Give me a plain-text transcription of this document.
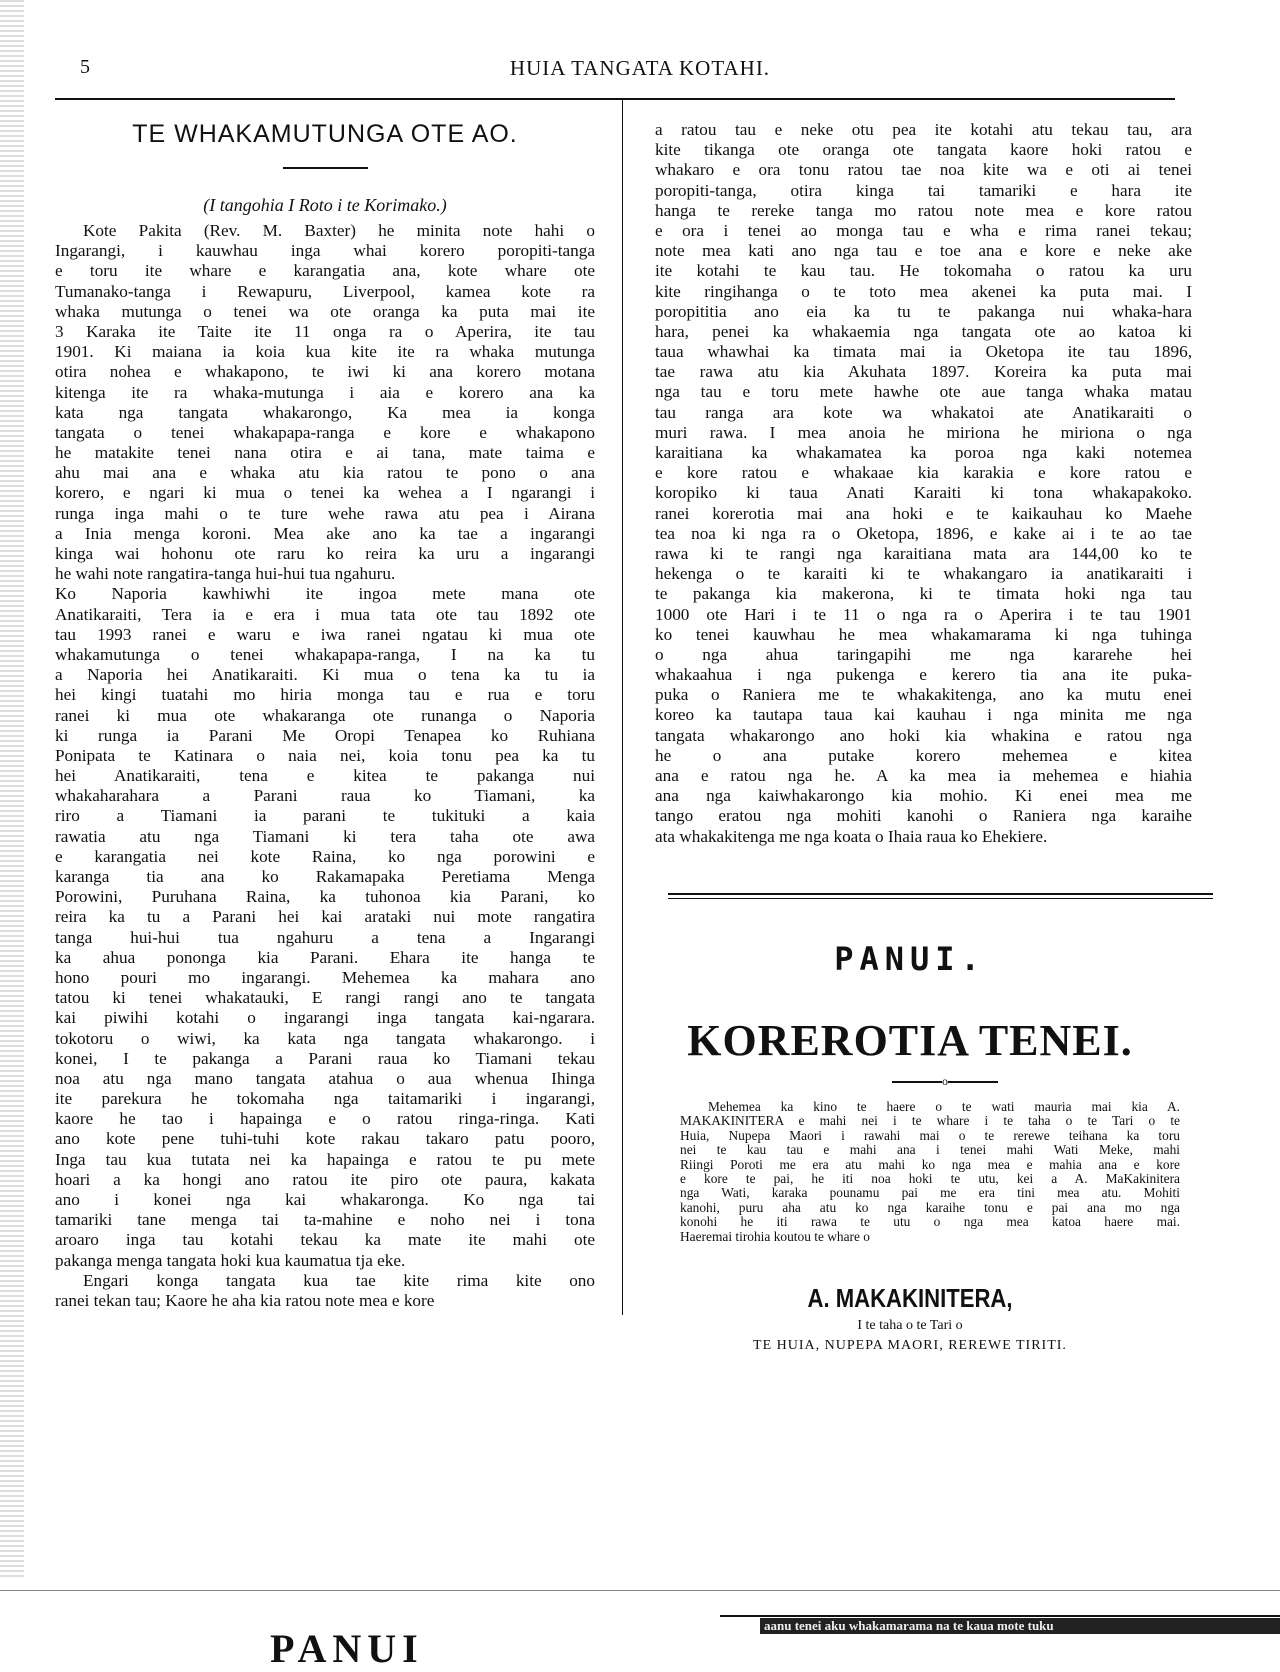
5	HUIA TANGATA KOTAHI.
TE WHAKAMUTUNGA OTE AO.
(I tangohia I Roto i te Korimako.)
Kote Pakita (Rev. M. Baxter) he minita note hahi o
Ingarangi, i kauwhau inga whai korero poropiti-tanga
e toru ite whare e karangatia ana, kote whare ote
Tumanako-tanga i Rewapuru, Liverpool, kamea kote ra
whaka mutunga o tenei wa ote oranga ka puta mai ite
3 Karaka ite Taite ite 11 onga ra o Aperira, ite tau
1901. Ki maiana ia koia kua kite ite ra whaka mutunga
otira nohea e whakapono, te iwi ki ana korero motana
kitenga ite ra whaka-mutunga i aia e korero ana ka
kata nga tangata whakarongo, Ka mea ia konga
tangata o tenei whakapapa-ranga e kore e whakapono
he matakite tenei nana otira e ai tana, mate taima e
ahu mai ana e whaka atu kia ratou te pono o ana
korero, e ngari ki mua o tenei ka wehea a I ngarangi i
runga inga mahi o te ture wehe rawa atu pea i Airana
a Inia menga koroni. Mea ake ano ka tae a ingarangi
kinga wai hohonu ote raru ko reira ka uru a ingarangi
he wahi note rangatira-tanga hui-hui tua ngahuru.
Ko Naporia kawhiwhi ite ingoa mete mana ote
Anatikaraiti, Tera ia e era i mua tata ote tau 1892 ote
tau 1993 ranei e waru e iwa ranei ngatau ki mua ote
whakamutunga o tenei whakapapa-ranga, I na ka tu
a Naporia hei Anatikaraiti. Ki mua o tena ka tu ia
hei kingi tuatahi mo hiria monga tau e rua e toru
ranei ki mua ote whakaranga ote runanga o Naporia
ki runga ia Parani Me Oropi Tenapea ko Ruhiana
Ponipata te Katinara o naia nei, koia tonu pea ka tu
hei Anatikaraiti, tena e kitea te pakanga nui
whakaharahara a Parani raua ko Tiamani, ka
riro a Tiamani ia parani te tukituki a kaia
rawatia atu nga Tiamani ki tera taha ote awa
e karangatia nei kote Raina, ko nga porowini e
karanga tia ana ko Rakamapaka Peretiama Menga
Porowini, Puruhana Raina, ka tuhonoa kia Parani, ko
reira ka tu a Parani hei kai arataki nui mote rangatira
tanga hui-hui tua ngahuru a tena a Ingarangi
ka ahua pononga kia Parani. Ehara ite hanga te
hono pouri mo ingarangi. Mehemea ka mahara ano
tatou ki tenei whakatauki, E rangi rangi ano te tangata
kai piwihi kotahi o ingarangi inga tangata kai-ngarara.
tokotoru o wiwi, ka kata nga tangata whakarongo. i
konei, I te pakanga a Parani raua ko Tiamani tekau
noa atu nga mano tangata atahua o aua whenua Ihinga
ite parekura he tokomaha nga taitamariki i ingarangi,
kaore he tao i hapainga e o ratou ringa-ringa. Kati
ano kote pene tuhi-tuhi kote rakau takaro patu pooro,
Inga tau kua tutata nei ka hapainga e ratou te pu mete
hoari a ka hongi ano ratou ite piro ote paura, kakata
ano i konei nga kai whakaronga. Ko nga tai
tamariki tane menga tai ta-mahine e noho nei i tona
aroaro inga tau kotahi tekau ka mate ite mahi ote
pakanga menga tangata hoki kua kaumatua tja eke.
Engari konga tangata kua tae kite rima kite ono
ranei tekan tau; Kaore he aha kia ratou note mea e kore
a ratou tau e neke otu pea ite kotahi atu tekau tau, ara
kite tikanga ote oranga ote tangata kaore hoki ratou e
whakaro e ora tonu ratou tae noa kite wa e oti ai tenei
poropiti-tanga, otira kinga tai tamariki e hara ite
hanga te rereke tanga mo ratou note mea e kore ratou
e ora i tenei ao monga tau e wha e rima ranei tekau;
note mea kati ano nga tau e toe ana e kore e neke ake
ite kotahi te kau tau. He tokomaha o ratou ka uru
kite ringihanga o te toto mea akenei ka puta mai. I
poropititia ano eia ka tu te pakanga nui whaka-hara
hara, penei ka whakaemia nga tangata ote ao katoa ki
taua whawhai ka timata mai ia Oketopa ite tau 1896,
tae rawa atu kia Akuhata 1897. Koreira ka puta mai
nga tau e toru mete hawhe ote aue tanga whaka matau
tau ranga ara kote wa whakatoi ate Anatikaraiti o
muri rawa. I mea anoia he miriona he miriona o nga
karaitiana ka whakamatea ka poroa nga kaki notemea
e kore ratou e whakaae kia karakia e kore ratou e
koropiko ki taua Anati Karaiti ki tona whakapakoko.
ranei korerotia mai ana hoki e te kaikauhau ko Maehe
tea noa ki nga ra o Oketopa, 1896, e kake ai i te ao tae
rawa ki te rangi nga karaitiana mata ara 144,00 ko te
hekenga o te karaiti ki te whakangaro ia anatikaraiti i
te pakanga kia makerona, ki te timata hoki nga tau
1000 ote Hari i te 11 o nga ra o Aperira i te tau 1901
ko tenei kauwhau he mea whakamarama ki nga tuhinga
o nga ahua taringapihi me nga kararehe hei
whakaahua i nga pukenga e kerero tia ana ite puka-
puka o Raniera me te whakakitenga, ano ka mutu enei
koreo ka tautapa taua kai kauhau i nga minita me nga
tangata whakarongo ano hoki kia whakina e ratou nga
he o ana putake korero mehemea e kitea
ana e ratou nga he. A ka mea ia mehemea e hiahia
ana nga kaiwhakarongo kia mohio. Ki enei mea me
tango eratou nga mohiti kanohi o Raniera nga karaihe
ata whakakitenga me nga koata o Ihaia raua ko Ehekiere.
PANUI.
KOREROTIA TENEI.
o
Mehemea ka kino te haere o te wati mauria mai kia A.
MAKAKINITERA e mahi nei i te whare i te taha o te Tari o te
Huia, Nupepa Maori i rawahi mai o te rerewe teihana ka toru
nei te kau tau e mahi ana i tenei mahi Wati Meke, mahi
Riingi Poroti me era atu mahi ko nga mea e mahia ana e kore
e kore te pai, he iti noa hoki te utu, kei a A. MaKakinitera
nga Wati, karaka pounamu pai me era tini mea atu. Mohiti
kanohi, puru aha atu ko nga karaihe tonu e pai ana mo nga
konohi he iti rawa te utu o nga mea katoa haere mai.
Haeremai tirohia koutou te whare o
A. MAKAKINITERA,
I te taha o te Tari o
TE HUIA, NUPEPA MAORI, REREWE TIRITI.
PANUI
aanu tenei aku whakamarama na te kaua mote tuku
